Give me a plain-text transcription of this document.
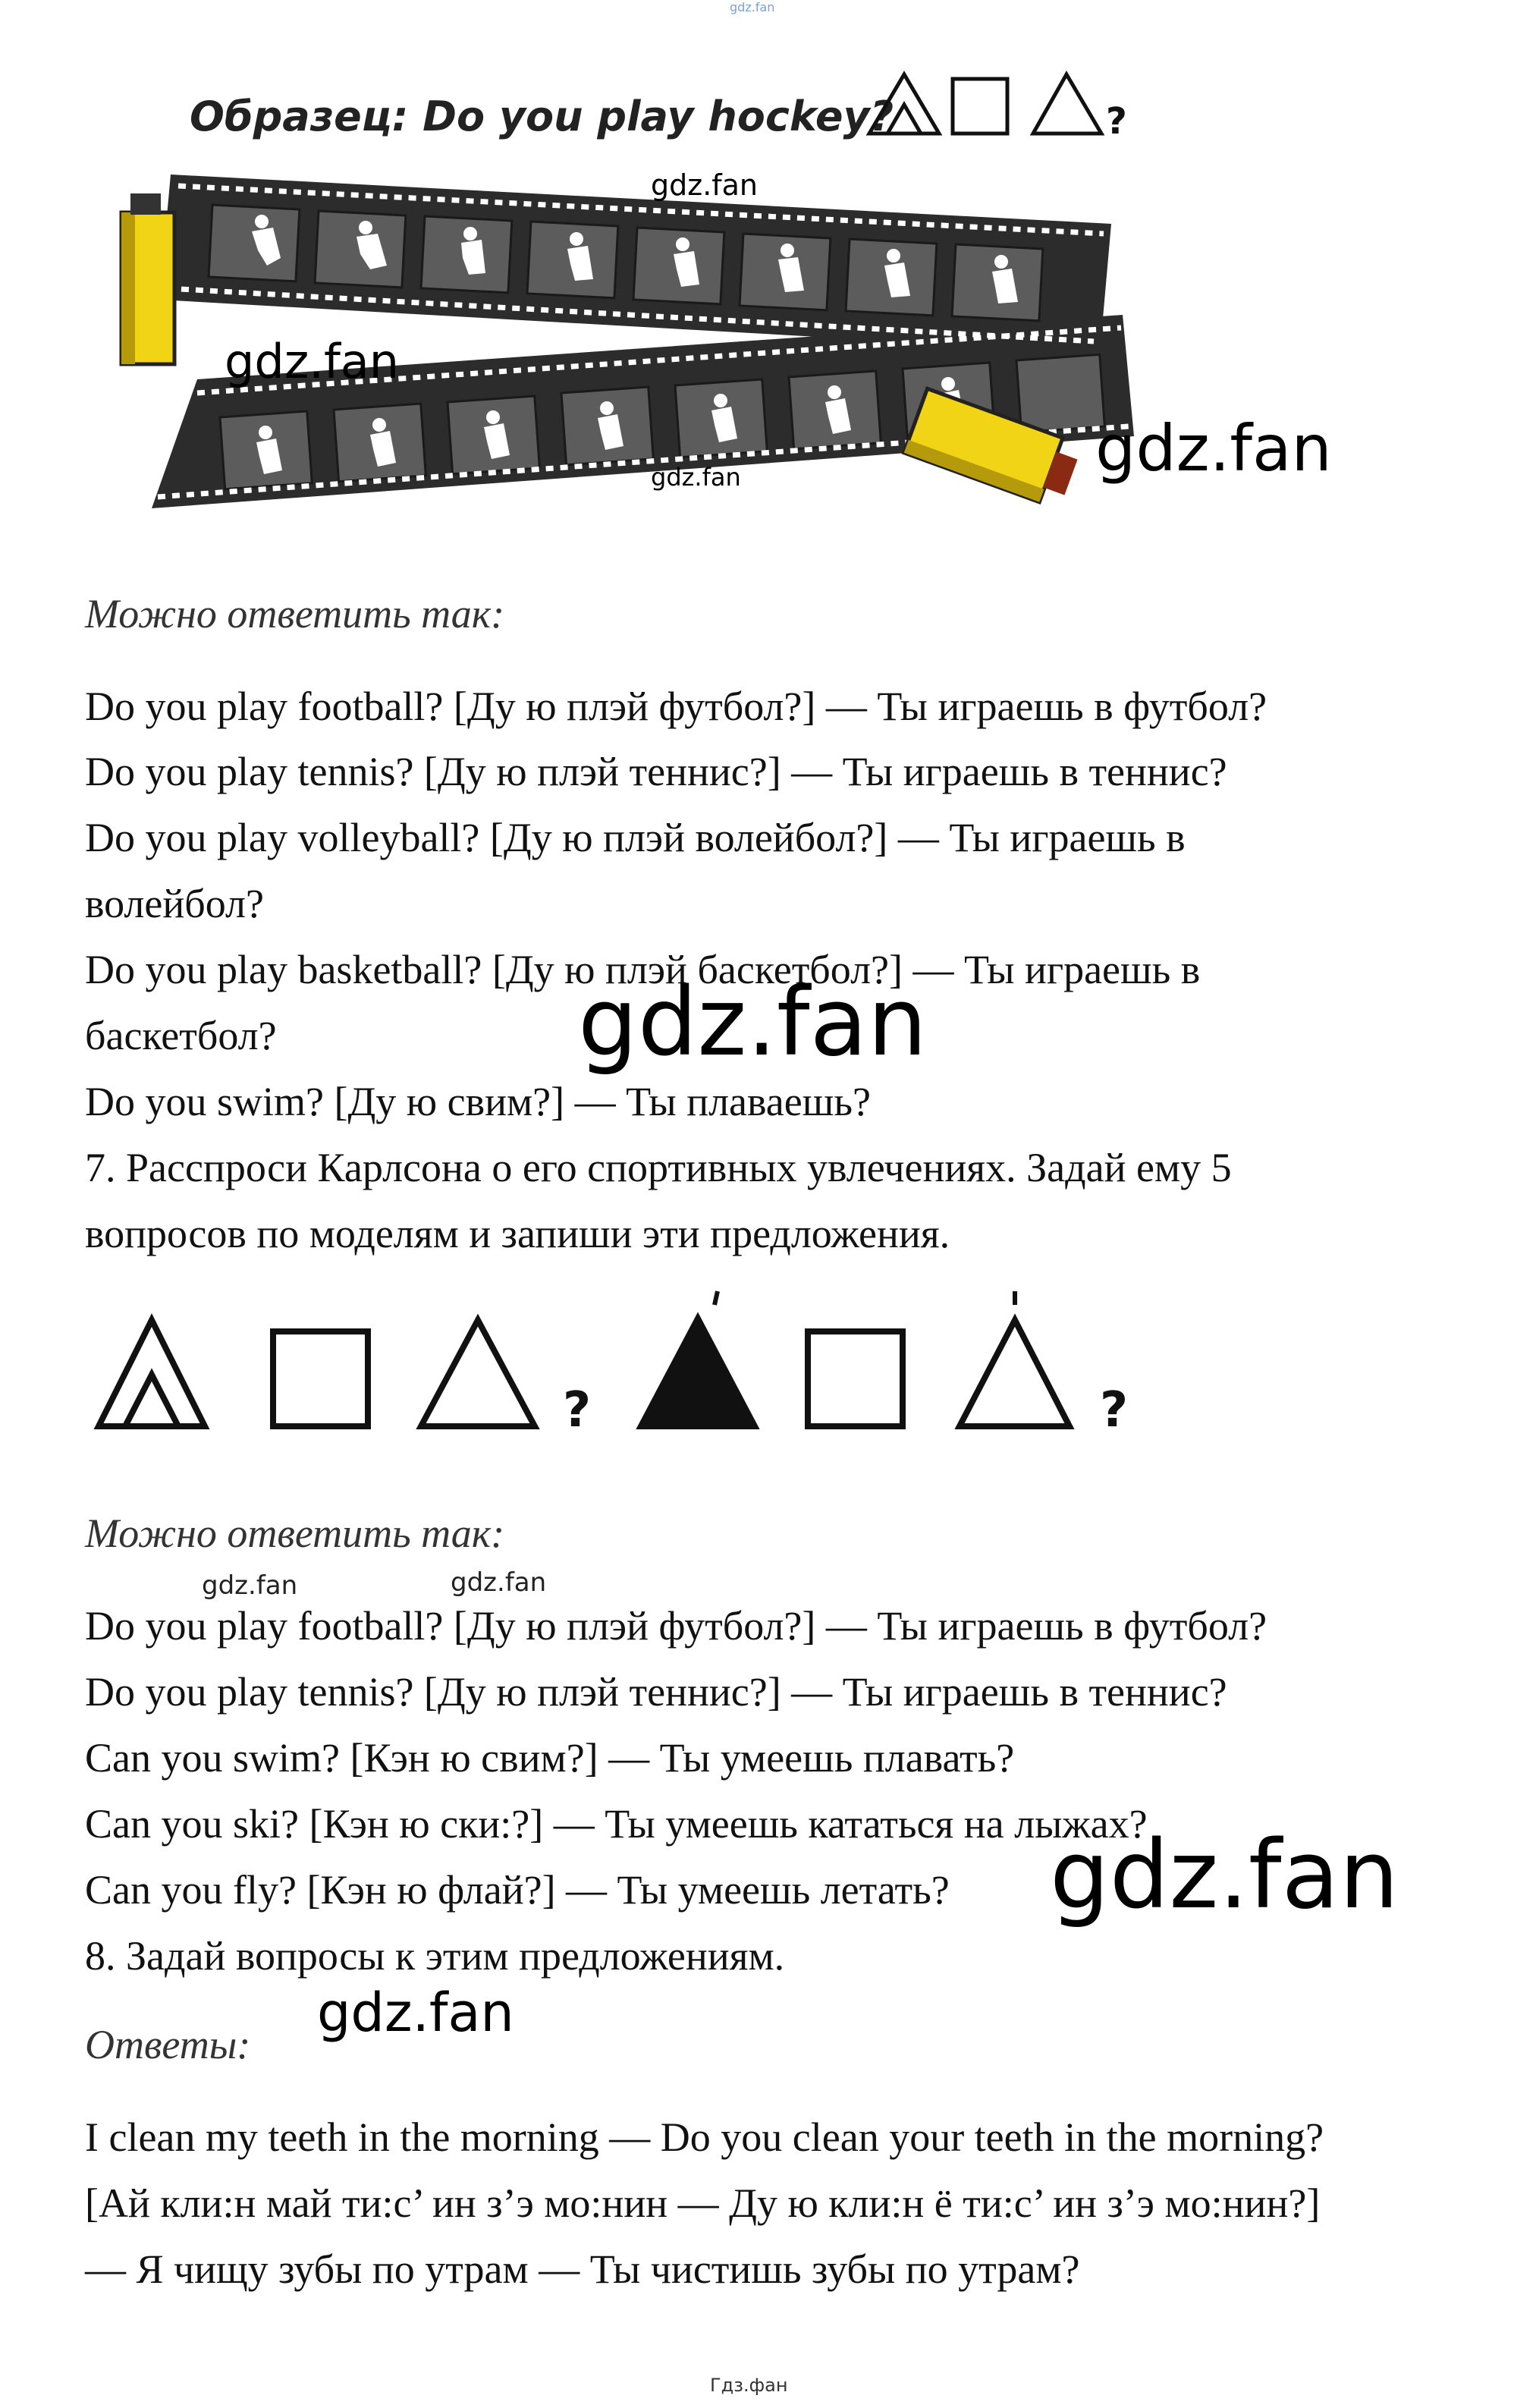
gdz.fan
Образец: Do you play hockey?	?
gdz.fan
gdz.fan
gdz.fan	gdz.fan
Можно ответить так:
Do you play football? [Ду ю плэй футбол?] — Ты играешь в футбол?
Do you play tennis? [Ду ю плэй теннис?] — Ты играешь в теннис?
Do you play volleyball? [Ду ю плэй волейбол?] — Ты играешь в
волейбол?
Do you play basketball? [Ду ю плэй баскетбол?] — Ты играешь в
баскетбол?
Do you swim? [Ду ю свим?] — Ты плаваешь?
7. Расспроси Карлсона о его спортивных увлечениях. Задай ему 5
вопросов по моделям и запиши эти предложения.
gdz.fan
?	?
Можно ответить так:
gdz.fan	gdz.fan
Do you play football? [Ду ю плэй футбол?] — Ты играешь в футбол?
Do you play tennis? [Ду ю плэй теннис?] — Ты играешь в теннис?
Can you swim? [Кэн ю свим?] — Ты умеешь плавать?
Can you ski? [Кэн ю ски:?] — Ты умеешь кататься на лыжах?
Can you fly? [Кэн ю флай?] — Ты умеешь летать?
8. Задай вопросы к этим предложениям.
gdz.fan
gdz.fan
Ответы:
I clean my teeth in the morning — Do you clean your teeth in the morning?
[Ай кли:н май ти:с’ ин з’э мо:нин — Ду ю кли:н ё ти:с’ ин з’э мо:нин?]
— Я чищу зубы по утрам — Ты чистишь зубы по утрам?
Гдз.фан
